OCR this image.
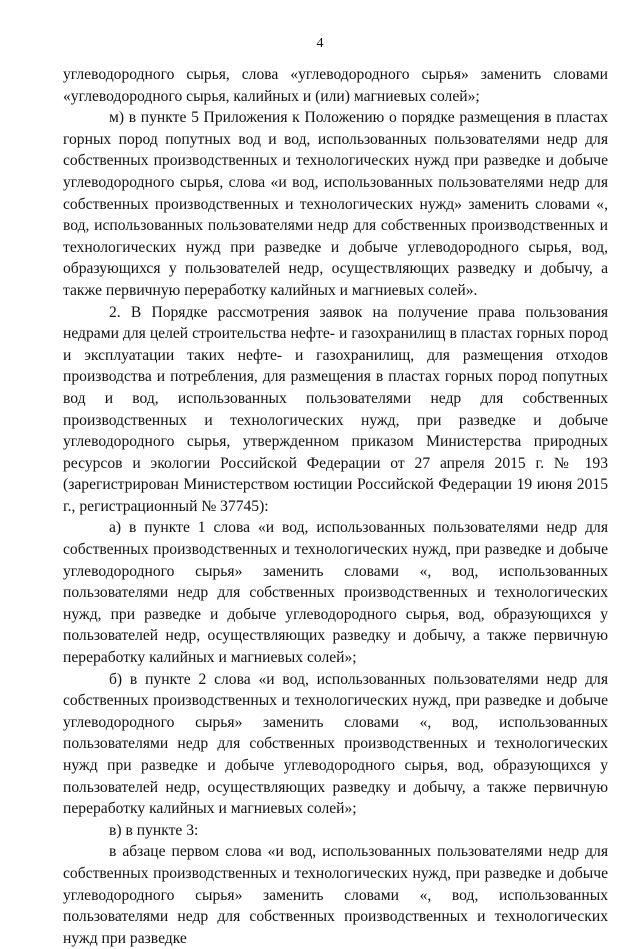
4

углеводородного сырья, слова «углеводородного сырья» заменить словами «углеводородного сырья, калийных и (или) магниевых солей»;

м) в пункте 5 Приложения к Положению о порядке размещения в пластах горных пород попутных вод и вод, использованных пользователями недр для собственных производственных и технологических нужд при разведке и добыче углеводородного сырья, слова «и вод, использованных пользователями недр для собственных производственных и технологических нужд» заменить словами «, вод, использованных пользователями недр для собственных производственных и технологических нужд при разведке и добыче углеводородного сырья, вод, образующихся у пользователей недр, осуществляющих разведку и добычу, а также первичную переработку калийных и магниевых солей».

2. В Порядке рассмотрения заявок на получение права пользования недрами для целей строительства нефте- и газохранилищ в пластах горных пород и эксплуатации таких нефте- и газохранилищ, для размещения отходов производства и потребления, для размещения в пластах горных пород попутных вод и вод, использованных пользователями недр для собственных производственных и технологических нужд, при разведке и добыче углеводородного сырья, утвержденном приказом Министерства природных ресурсов и экологии Российской Федерации от 27 апреля 2015 г. № 193 (зарегистрирован Министерством юстиции Российской Федерации 19 июня 2015 г., регистрационный № 37745):

а) в пункте 1 слова «и вод, использованных пользователями недр для собственных производственных и технологических нужд, при разведке и добыче углеводородного сырья» заменить словами «, вод, использованных пользователями недр для собственных производственных и технологических нужд, при разведке и добыче углеводородного сырья, вод, образующихся у пользователей недр, осуществляющих разведку и добычу, а также первичную переработку калийных и магниевых солей»;

б) в пункте 2 слова «и вод, использованных пользователями недр для собственных производственных и технологических нужд, при разведке и добыче углеводородного сырья» заменить словами «, вод, использованных пользователями недр для собственных производственных и технологических нужд при разведке и добыче углеводородного сырья, вод, образующихся у пользователей недр, осуществляющих разведку и добычу, а также первичную переработку калийных и магниевых солей»;

в) в пункте 3:

в абзаце первом слова «и вод, использованных пользователями недр для собственных производственных и технологических нужд, при разведке и добыче углеводородного сырья» заменить словами «, вод, использованных пользователями недр для собственных производственных и технологических нужд при разведке
